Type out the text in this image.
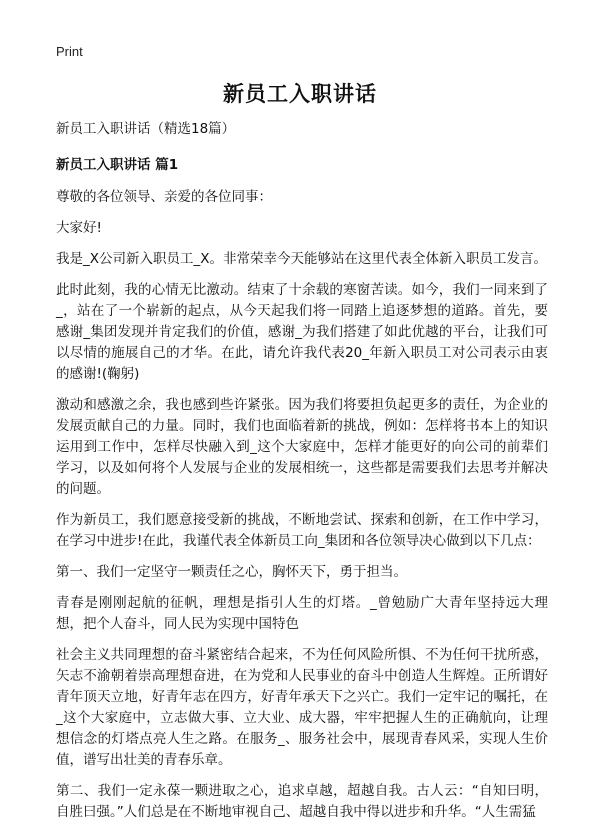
Print
新员工入职讲话

新员工入职讲话（精选18篇）

新员工入职讲话 篇1

尊敬的各位领导、亲爱的各位同事：

大家好!

我是_X公司新入职员工_X。非常荣幸今天能够站在这里代表全体新入职员工发言。

此时此刻，我的心情无比激动。结束了十余载的寒窗苦读。如今，我们一同来到了_，站在了一个崭新的起点，从今天起我们将一同踏上追逐梦想的道路。首先，要感谢_集团发现并肯定我们的价值，感谢_为我们搭建了如此优越的平台，让我们可以尽情的施展自己的才华。在此，请允许我代表20_年新入职员工对公司表示由衷的感谢!(鞠躬)

激动和感激之余，我也感到些许紧张。因为我们将要担负起更多的责任，为企业的发展贡献自己的力量。同时，我们也面临着新的挑战，例如：怎样将书本上的知识运用到工作中，怎样尽快融入到_这个大家庭中，怎样才能更好的向公司的前辈们学习，以及如何将个人发展与企业的发展相统一，这些都是需要我们去思考并解决的问题。

作为新员工，我们愿意接受新的挑战，不断地尝试、探索和创新，在工作中学习，在学习中进步!在此，我谨代表全体新员工向_集团和各位领导决心做到以下几点：

第一、我们一定坚守一颗责任之心，胸怀天下，勇于担当。

青春是刚刚起航的征帆，理想是指引人生的灯塔。_曾勉励广大青年坚持远大理想，把个人奋斗，同人民为实现中国特色

社会主义共同理想的奋斗紧密结合起来，不为任何风险所惧、不为任何干扰所惑，矢志不渝朝着崇高理想奋进，在为党和人民事业的奋斗中创造人生辉煌。正所谓好青年顶天立地，好青年志在四方，好青年承天下之兴亡。我们一定牢记的嘱托，在_这个大家庭中，立志做大事、立大业、成大器，牢牢把握人生的正确航向，让理想信念的灯塔点亮人生之路。在服务_、服务社会中，展现青春风采，实现人生价值，谱写出壮美的青春乐章。

第二、我们一定永葆一颗进取之心，追求卓越，超越自我。古人云：“自知曰明，自胜曰强。”人们总是在不断地审视自己、超越自我中得以进步和升华。“人生需猛
